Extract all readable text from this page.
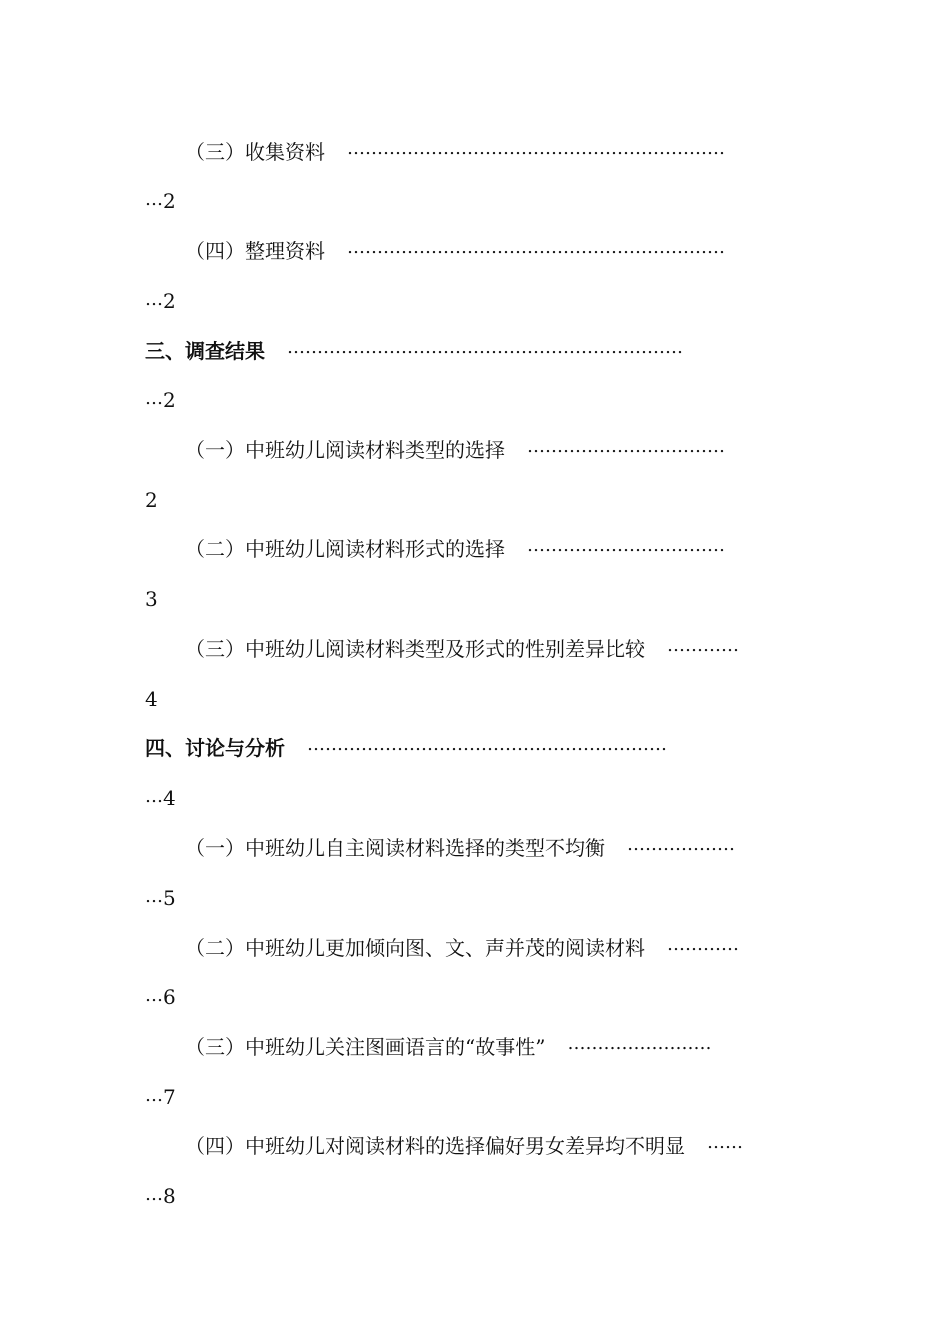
（三）收集资料 ………………………………………………………
…2
（四）整理资料 ………………………………………………………
…2
三、调查结果 …………………………………………………………
…2
（一）中班幼儿阅读材料类型的选择 ……………………………
2
（二）中班幼儿阅读材料形式的选择 ……………………………
3
（三）中班幼儿阅读材料类型及形式的性别差异比较 …………
4
四、讨论与分析 ……………………………………………………
…4
（一）中班幼儿自主阅读材料选择的类型不均衡 ………………
…5
（二）中班幼儿更加倾向图、文、声并茂的阅读材料 …………
…6
（三）中班幼儿关注图画语言的“故事性” ……………………
…7
（四）中班幼儿对阅读材料的选择偏好男女差异均不明显 ……
…8
